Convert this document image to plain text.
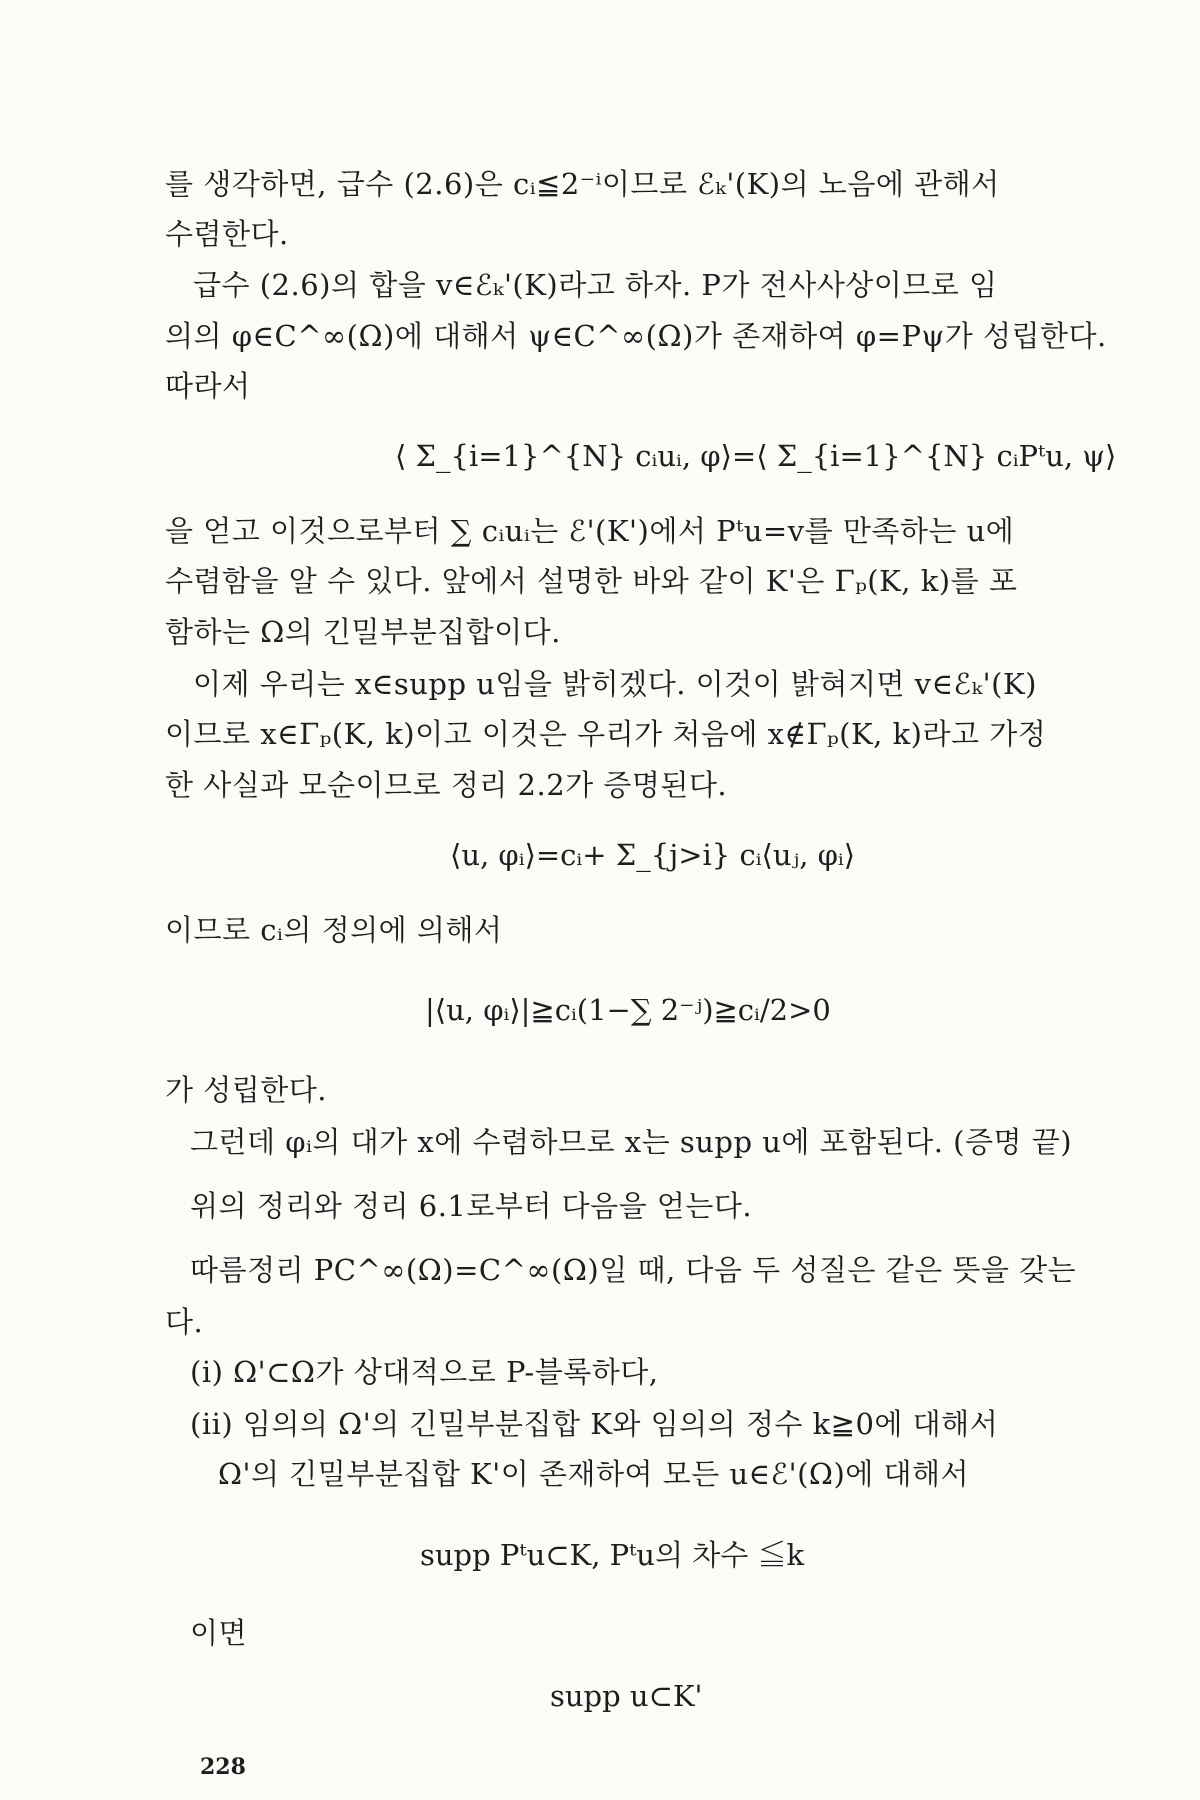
를 생각하면, 급수 (2.6)은 cᵢ≦2⁻ⁱ이므로 ℰₖ'(K)의 노음에 관해서
수렴한다.
급수 (2.6)의 합을 v∈ℰₖ'(K)라고 하자. P가 전사사상이므로 임
의의 φ∈C^∞(Ω)에 대해서 ψ∈C^∞(Ω)가 존재하여 φ=Pψ가 성립한다.
따라서
⟨ Σ_{i=1}^{N} cᵢuᵢ, φ⟩=⟨ Σ_{i=1}^{N} cᵢPᵗu, ψ⟩
을 얻고 이것으로부터 ∑ cᵢuᵢ는 ℰ'(K')에서 Pᵗu=v를 만족하는 u에
수렴함을 알 수 있다. 앞에서 설명한 바와 같이 K'은 Γₚ(K, k)를 포
함하는 Ω의 긴밀부분집합이다.
이제 우리는 x∈supp u임을 밝히겠다. 이것이 밝혀지면 v∈ℰₖ'(K)
이므로 x∈Γₚ(K, k)이고 이것은 우리가 처음에 x∉Γₚ(K, k)라고 가정
한 사실과 모순이므로 정리 2.2가 증명된다.
⟨u, φᵢ⟩=cᵢ+ Σ_{j>i} cᵢ⟨uⱼ, φᵢ⟩
이므로 cᵢ의 정의에 의해서
|⟨u, φᵢ⟩|≧cᵢ(1−∑ 2⁻ʲ)≧cᵢ/2>0
가 성립한다.
그런데 φᵢ의 대가 x에 수렴하므로 x는 supp u에 포함된다. (증명 끝)
위의 정리와 정리 6.1로부터 다음을 얻는다.
따름정리 PC^∞(Ω)=C^∞(Ω)일 때, 다음 두 성질은 같은 뜻을 갖는
다.
(i) Ω'⊂Ω가 상대적으로 P-블록하다,
(ii) 임의의 Ω'의 긴밀부분집합 K와 임의의 정수 k≧0에 대해서
Ω'의 긴밀부분집합 K'이 존재하여 모든 u∈ℰ'(Ω)에 대해서
supp Pᵗu⊂K, Pᵗu의 차수 ≦k
이면
supp u⊂K'
228
